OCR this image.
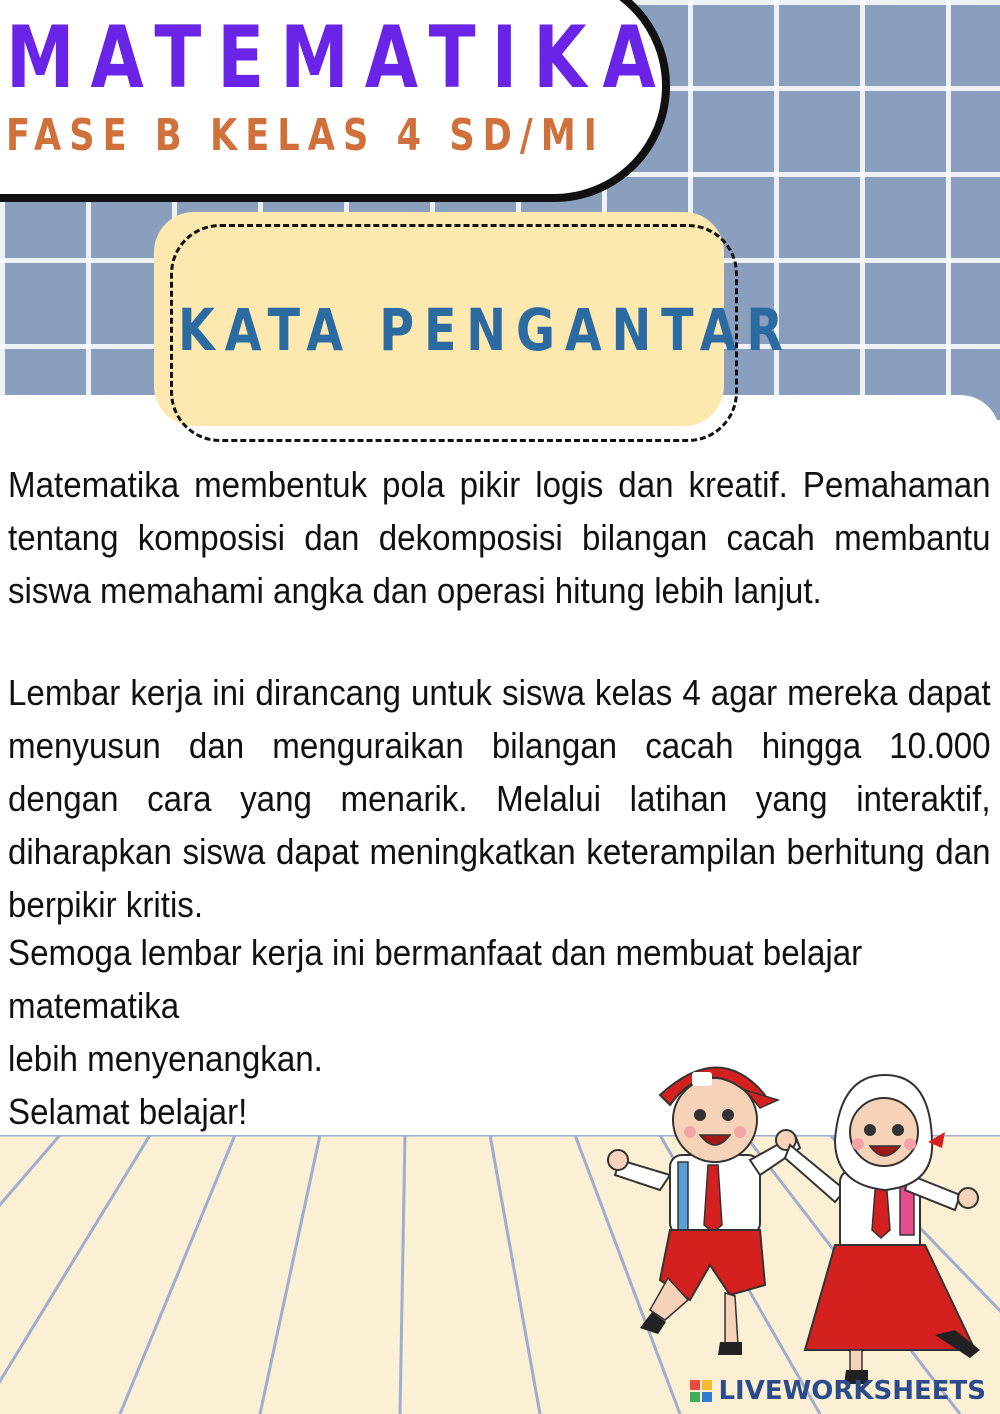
MATEMATIKA
FASE B KELAS 4 SD/MI
KATA PENGANTAR

Matematika membentuk pola pikir logis dan kreatif. Pemahaman tentang komposisi dan dekomposisi bilangan cacah membantu siswa memahami angka dan operasi hitung lebih lanjut.

Lembar kerja ini dirancang untuk siswa kelas 4 agar mereka dapat menyusun dan menguraikan bilangan cacah hingga 10.000 dengan cara yang menarik. Melalui latihan yang interaktif, diharapkan siswa dapat meningkatkan keterampilan berhitung dan berpikir kritis.

Semoga lembar kerja ini bermanfaat dan membuat belajar matematika
lebih menyenangkan.
Selamat belajar!

LIVEWORKSHEETS
